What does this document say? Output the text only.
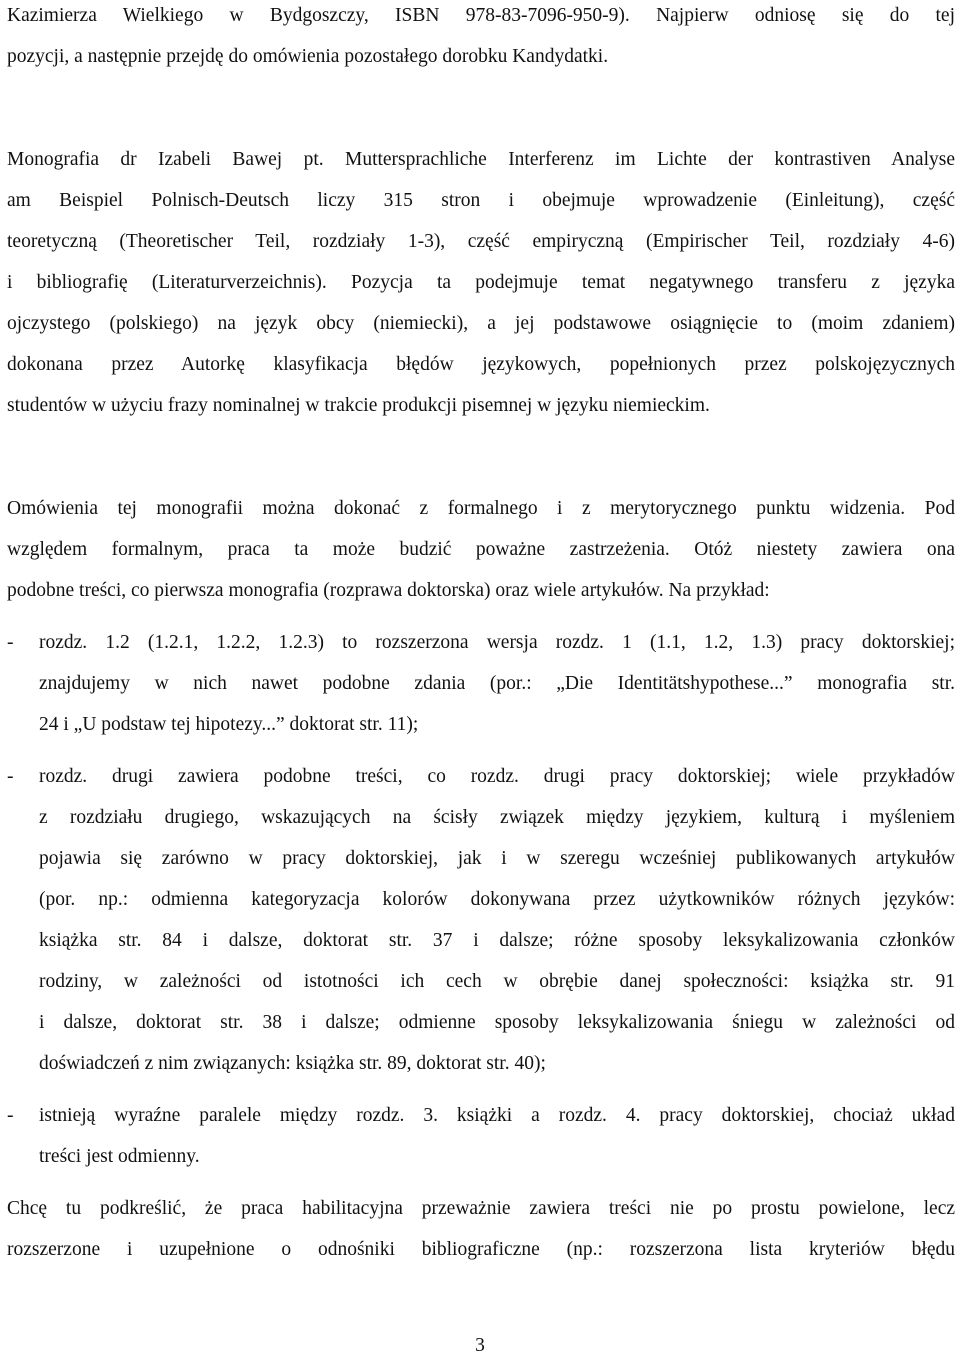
Kazimierza Wielkiego w Bydgoszczy, ISBN 978-83-7096-950-9). Najpierw odniosę się do tej
pozycji, a następnie przejdę do omówienia pozostałego dorobku Kandydatki.
Monografia dr Izabeli Bawej pt. Muttersprachliche Interferenz im Lichte der kontrastiven Analyse
am Beispiel Polnisch-Deutsch liczy 315 stron i obejmuje wprowadzenie (Einleitung), część
teoretyczną (Theoretischer Teil, rozdziały 1-3), część empiryczną (Empirischer Teil, rozdziały 4-6)
i bibliografię (Literaturverzeichnis). Pozycja ta podejmuje temat negatywnego transferu z języka
ojczystego (polskiego) na język obcy (niemiecki), a jej podstawowe osiągnięcie to (moim zdaniem)
dokonana przez Autorkę klasyfikacja błędów językowych, popełnionych przez polskojęzycznych
studentów w użyciu frazy nominalnej w trakcie produkcji pisemnej w języku niemieckim.
Omówienia tej monografii można dokonać z formalnego i z merytorycznego punktu widzenia. Pod
względem formalnym, praca ta może budzić poważne zastrzeżenia. Otóż niestety zawiera ona
podobne treści, co pierwsza monografia (rozprawa doktorska) oraz wiele artykułów. Na przykład:
- rozdz. 1.2 (1.2.1, 1.2.2, 1.2.3) to rozszerzona wersja rozdz. 1 (1.1, 1.2, 1.3) pracy doktorskiej;
znajdujemy w nich nawet podobne zdania (por.: „Die Identitätshypothese...” monografia str.
24 i „U podstaw tej hipotezy...” doktorat str. 11);
- rozdz. drugi zawiera podobne treści, co rozdz. drugi pracy doktorskiej; wiele przykładów
z rozdziału drugiego, wskazujących na ścisły związek między językiem, kulturą i myśleniem
pojawia się zarówno w pracy doktorskiej, jak i w szeregu wcześniej publikowanych artykułów
(por. np.: odmienna kategoryzacja kolorów dokonywana przez użytkowników różnych języków:
książka str. 84 i dalsze, doktorat str. 37 i dalsze; różne sposoby leksykalizowania członków
rodziny, w zależności od istotności ich cech w obrębie danej społeczności: książka str. 91
i dalsze, doktorat str. 38 i dalsze; odmienne sposoby leksykalizowania śniegu w zależności od
doświadczeń z nim związanych: książka str. 89, doktorat str. 40);
- istnieją wyraźne paralele między rozdz. 3. książki a rozdz. 4. pracy doktorskiej, chociaż układ
treści jest odmienny.
Chcę tu podkreślić, że praca habilitacyjna przeważnie zawiera treści nie po prostu powielone, lecz
rozszerzone i uzupełnione o odnośniki bibliograficzne (np.: rozszerzona lista kryteriów błędu
3
